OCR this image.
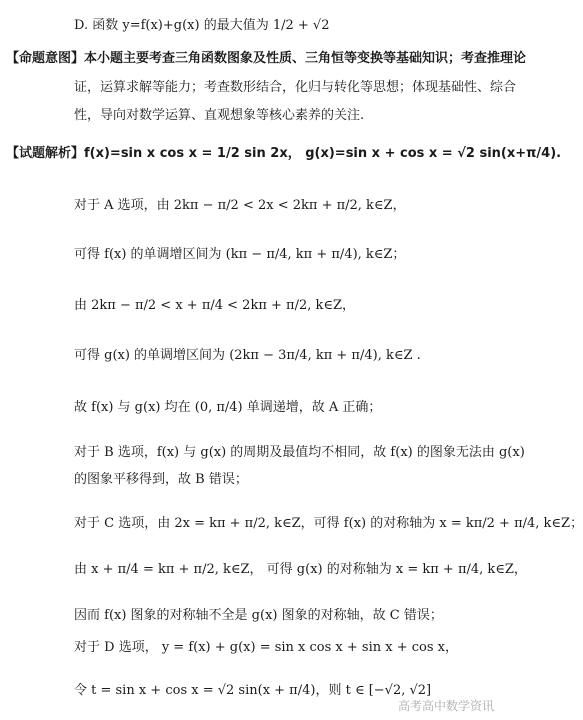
D. 函数 y=f(x)+g(x) 的最大值为 1/2 + √2
【命题意图】本小题主要考查三角函数图象及性质、三角恒等变换等基础知识；考查推理论
证，运算求解等能力；考查数形结合，化归与转化等思想；体现基础性、综合
性，导向对数学运算、直观想象等核心素养的关注.
【试题解析】f(x)=sin x cos x = 1/2 sin 2x， g(x)=sin x + cos x = √2 sin(x+π/4).
对于 A 选项，由 2kπ − π/2 < 2x < 2kπ + π/2, k∈Z，
可得 f(x) 的单调增区间为 (kπ − π/4, kπ + π/4), k∈Z；
由 2kπ − π/2 < x + π/4 < 2kπ + π/2, k∈Z，
可得 g(x) 的单调增区间为 (2kπ − 3π/4, kπ + π/4), k∈Z .
故 f(x) 与 g(x) 均在 (0, π/4) 单调递增，故 A 正确；
对于 B 选项，f(x) 与 g(x) 的周期及最值均不相同，故 f(x) 的图象无法由 g(x)
的图象平移得到，故 B 错误；
对于 C 选项，由 2x = kπ + π/2, k∈Z，可得 f(x) 的对称轴为 x = kπ/2 + π/4, k∈Z；
由 x + π/4 = kπ + π/2, k∈Z， 可得 g(x) 的对称轴为 x = kπ + π/4, k∈Z，
因而 f(x) 图象的对称轴不全是 g(x) 图象的对称轴，故 C 错误；
对于 D 选项， y = f(x) + g(x) = sin x cos x + sin x + cos x，
令 t = sin x + cos x = √2 sin(x + π/4)，则 t ∈ [−√2, √2]
高考高中数学资讯
